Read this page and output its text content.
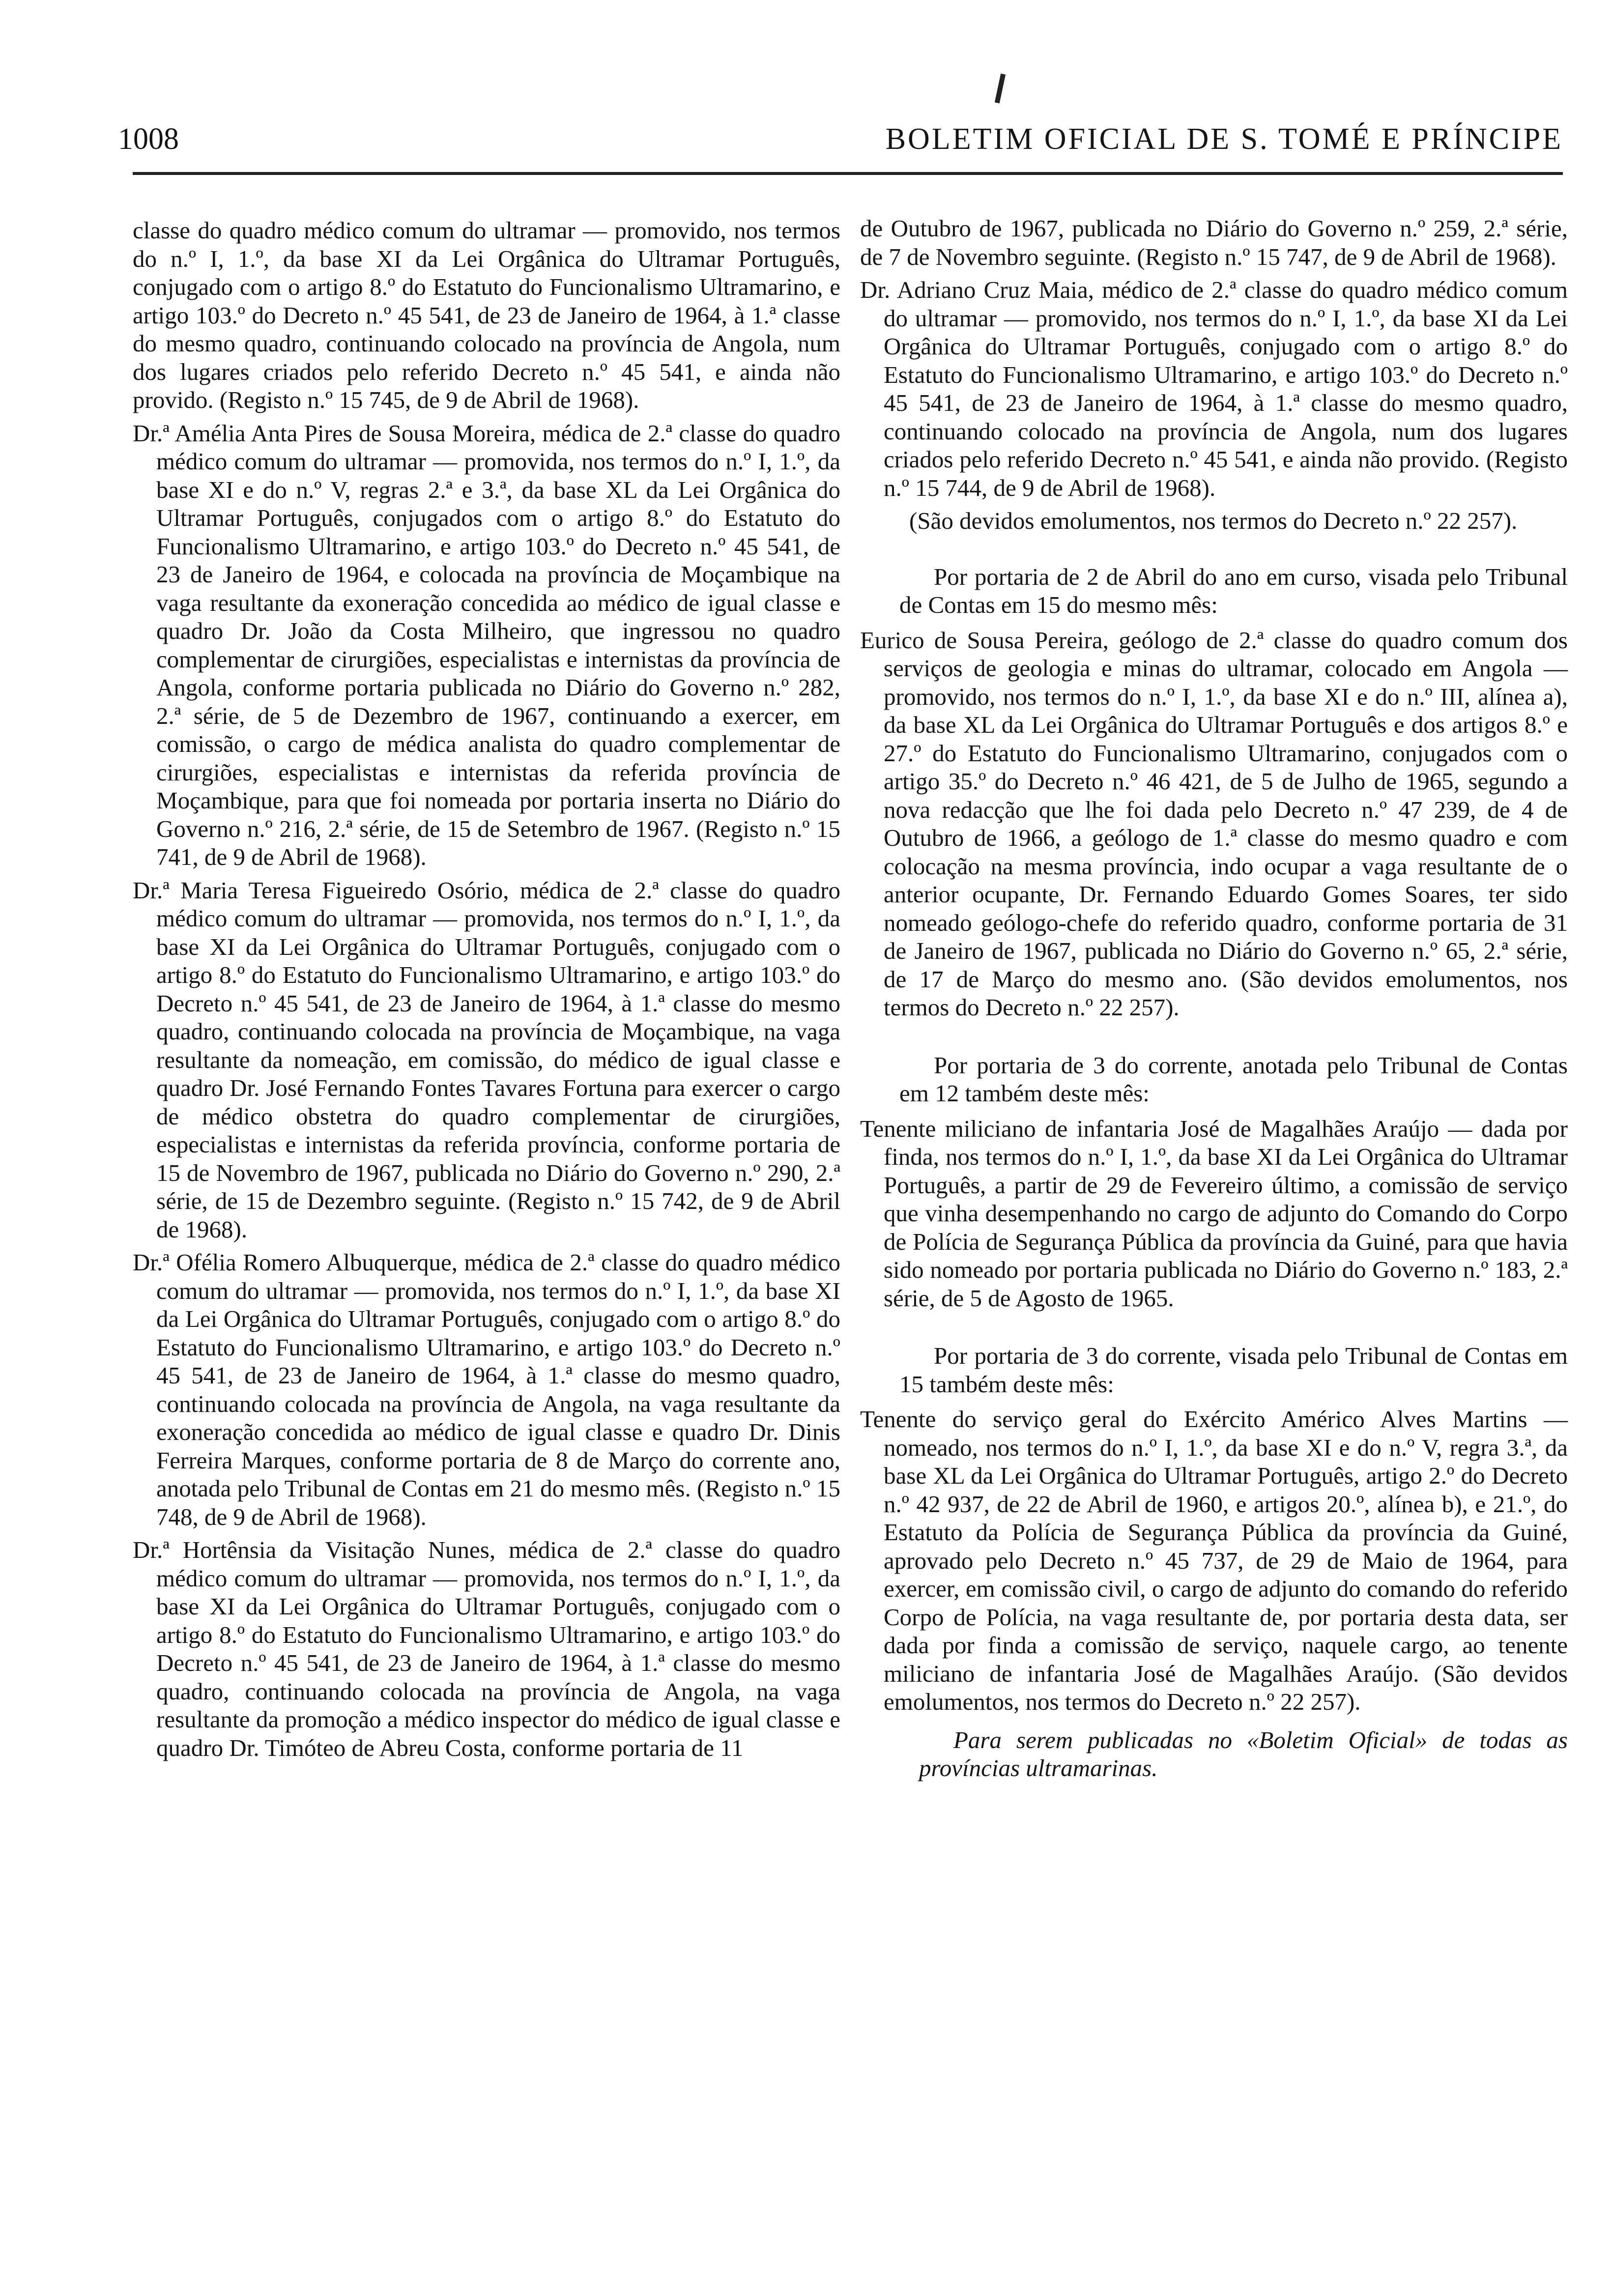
1008	BOLETIM OFICIAL DE S. TOMÉ E PRÍNCIPE

classe do quadro médico comum do ultramar — promovido, nos termos do n.º I, 1.º, da base XI da Lei Orgânica do Ultramar Português, conjugado com o artigo 8.º do Estatuto do Funcionalismo Ultramarino, e artigo 103.º do Decreto n.º 45 541, de 23 de Janeiro de 1964, à 1.ª classe do mesmo quadro, continuando colocado na província de Angola, num dos lugares criados pelo referido Decreto n.º 45 541, e ainda não provido. (Registo n.º 15 745, de 9 de Abril de 1968).

Dr.ª Amélia Anta Pires de Sousa Moreira, médica de 2.ª classe do quadro médico comum do ultramar — promovida, nos termos do n.º I, 1.º, da base XI e do n.º V, regras 2.ª e 3.ª, da base XL da Lei Orgânica do Ultramar Português, conjugados com o artigo 8.º do Estatuto do Funcionalismo Ultramarino, e artigo 103.º do Decreto n.º 45 541, de 23 de Janeiro de 1964, e colocada na província de Moçambique na vaga resultante da exoneração concedida ao médico de igual classe e quadro Dr. João da Costa Milheiro, que ingressou no quadro complementar de cirurgiões, especialistas e internistas da província de Angola, conforme portaria publicada no Diário do Governo n.º 282, 2.ª série, de 5 de Dezembro de 1967, continuando a exercer, em comissão, o cargo de médica analista do quadro complementar de cirurgiões, especialistas e internistas da referida província de Moçambique, para que foi nomeada por portaria inserta no Diário do Governo n.º 216, 2.ª série, de 15 de Setembro de 1967. (Registo n.º 15 741, de 9 de Abril de 1968).

Dr.ª Maria Teresa Figueiredo Osório, médica de 2.ª classe do quadro médico comum do ultramar — promovida, nos termos do n.º I, 1.º, da base XI da Lei Orgânica do Ultramar Português, conjugado com o artigo 8.º do Estatuto do Funcionalismo Ultramarino, e artigo 103.º do Decreto n.º 45 541, de 23 de Janeiro de 1964, à 1.ª classe do mesmo quadro, continuando colocada na província de Moçambique, na vaga resultante da nomeação, em comissão, do médico de igual classe e quadro Dr. José Fernando Fontes Tavares Fortuna para exercer o cargo de médico obstetra do quadro complementar de cirurgiões, especialistas e internistas da referida província, conforme portaria de 15 de Novembro de 1967, publicada no Diário do Governo n.º 290, 2.ª série, de 15 de Dezembro seguinte. (Registo n.º 15 742, de 9 de Abril de 1968).

Dr.ª Ofélia Romero Albuquerque, médica de 2.ª classe do quadro médico comum do ultramar — promovida, nos termos do n.º I, 1.º, da base XI da Lei Orgânica do Ultramar Português, conjugado com o artigo 8.º do Estatuto do Funcionalismo Ultramarino, e artigo 103.º do Decreto n.º 45 541, de 23 de Janeiro de 1964, à 1.ª classe do mesmo quadro, continuando colocada na província de Angola, na vaga resultante da exoneração concedida ao médico de igual classe e quadro Dr. Dinis Ferreira Marques, conforme portaria de 8 de Março do corrente ano, anotada pelo Tribunal de Contas em 21 do mesmo mês. (Registo n.º 15 748, de 9 de Abril de 1968).

Dr.ª Hortênsia da Visitação Nunes, médica de 2.ª classe do quadro médico comum do ultramar — promovida, nos termos do n.º I, 1.º, da base XI da Lei Orgânica do Ultramar Português, conjugado com o artigo 8.º do Estatuto do Funcionalismo Ultramarino, e artigo 103.º do Decreto n.º 45 541, de 23 de Janeiro de 1964, à 1.ª classe do mesmo quadro, continuando colocada na província de Angola, na vaga resultante da promoção a médico inspector do médico de igual classe e quadro Dr. Timóteo de Abreu Costa, conforme portaria de 11

de Outubro de 1967, publicada no Diário do Governo n.º 259, 2.ª série, de 7 de Novembro seguinte. (Registo n.º 15 747, de 9 de Abril de 1968).

Dr. Adriano Cruz Maia, médico de 2.ª classe do quadro médico comum do ultramar — promovido, nos termos do n.º I, 1.º, da base XI da Lei Orgânica do Ultramar Português, conjugado com o artigo 8.º do Estatuto do Funcionalismo Ultramarino, e artigo 103.º do Decreto n.º 45 541, de 23 de Janeiro de 1964, à 1.ª classe do mesmo quadro, continuando colocado na província de Angola, num dos lugares criados pelo referido Decreto n.º 45 541, e ainda não provido. (Registo n.º 15 744, de 9 de Abril de 1968).

(São devidos emolumentos, nos termos do Decreto n.º 22 257).

Por portaria de 2 de Abril do ano em curso, visada pelo Tribunal de Contas em 15 do mesmo mês:

Eurico de Sousa Pereira, geólogo de 2.ª classe do quadro comum dos serviços de geologia e minas do ultramar, colocado em Angola — promovido, nos termos do n.º I, 1.º, da base XI e do n.º III, alínea a), da base XL da Lei Orgânica do Ultramar Português e dos artigos 8.º e 27.º do Estatuto do Funcionalismo Ultramarino, conjugados com o artigo 35.º do Decreto n.º 46 421, de 5 de Julho de 1965, segundo a nova redacção que lhe foi dada pelo Decreto n.º 47 239, de 4 de Outubro de 1966, a geólogo de 1.ª classe do mesmo quadro e com colocação na mesma província, indo ocupar a vaga resultante de o anterior ocupante, Dr. Fernando Eduardo Gomes Soares, ter sido nomeado geólogo-chefe do referido quadro, conforme portaria de 31 de Janeiro de 1967, publicada no Diário do Governo n.º 65, 2.ª série, de 17 de Março do mesmo ano. (São devidos emolumentos, nos termos do Decreto n.º 22 257).

Por portaria de 3 do corrente, anotada pelo Tribunal de Contas em 12 também deste mês:

Tenente miliciano de infantaria José de Magalhães Araújo — dada por finda, nos termos do n.º I, 1.º, da base XI da Lei Orgânica do Ultramar Português, a partir de 29 de Fevereiro último, a comissão de serviço que vinha desempenhando no cargo de adjunto do Comando do Corpo de Polícia de Segurança Pública da província da Guiné, para que havia sido nomeado por portaria publicada no Diário do Governo n.º 183, 2.ª série, de 5 de Agosto de 1965.

Por portaria de 3 do corrente, visada pelo Tribunal de Contas em 15 também deste mês:

Tenente do serviço geral do Exército Américo Alves Martins — nomeado, nos termos do n.º I, 1.º, da base XI e do n.º V, regra 3.ª, da base XL da Lei Orgânica do Ultramar Português, artigo 2.º do Decreto n.º 42 937, de 22 de Abril de 1960, e artigos 20.º, alínea b), e 21.º, do Estatuto da Polícia de Segurança Pública da província da Guiné, aprovado pelo Decreto n.º 45 737, de 29 de Maio de 1964, para exercer, em comissão civil, o cargo de adjunto do comando do referido Corpo de Polícia, na vaga resultante de, por portaria desta data, ser dada por finda a comissão de serviço, naquele cargo, ao tenente miliciano de infantaria José de Magalhães Araújo. (São devidos emolumentos, nos termos do Decreto n.º 22 257).

Para serem publicadas no «Boletim Oficial» de todas as províncias ultramarinas.
